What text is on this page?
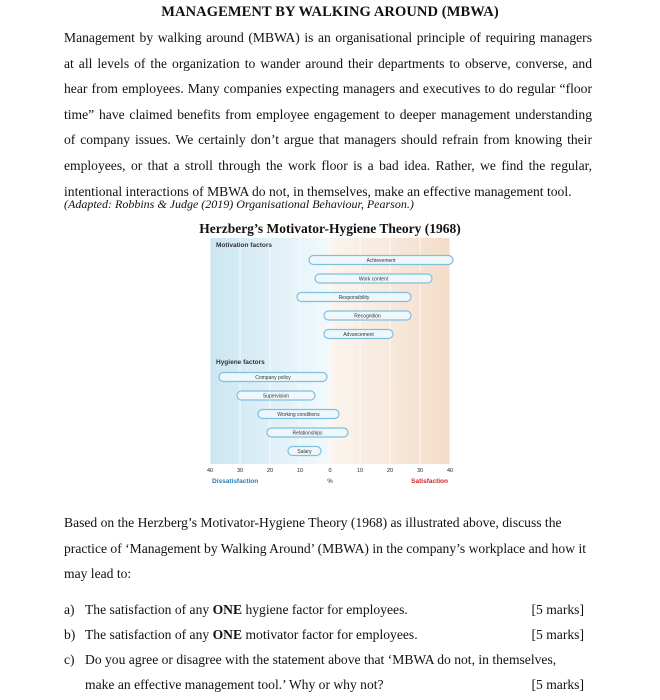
MANAGEMENT BY WALKING AROUND (MBWA)
Management by walking around (MBWA) is an organisational principle of requiring managers at all levels of the organization to wander around their departments to observe, converse, and hear from employees. Many companies expecting managers and executives to do regular “floor time” have claimed benefits from employee engagement to deeper management understanding of company issues. We certainly don’t argue that managers should refrain from knowing their employees, or that a stroll through the work floor is a bad idea. Rather, we find the regular, intentional interactions of MBWA do not, in themselves, make an effective management tool.
(Adapted: Robbins & Judge (2019) Organisational Behaviour, Pearson.)
Herzberg’s Motivator-Hygiene Theory (1968)
Motivation factors
Achievement
Work content
Responsibility
Recognition
Advancement
Hygiene factors
Company policy
Supervision
Working conditions
Relationships
Salary
40	30	20	10	0	10	20	30	40
%
Dissatisfaction	Satisfaction
Based on the Herzberg’s Motivator-Hygiene Theory (1968) as illustrated above, discuss the practice of ‘Management by Walking Around’ (MBWA) in the company’s workplace and how it may lead to:
a) The satisfaction of any ONE hygiene factor for employees.	[5 marks]
b) The satisfaction of any ONE motivator factor for employees.	[5 marks]
c) Do you agree or disagree with the statement above that ‘MBWA do not, in themselves,
make an effective management tool.’ Why or why not?	[5 marks]
